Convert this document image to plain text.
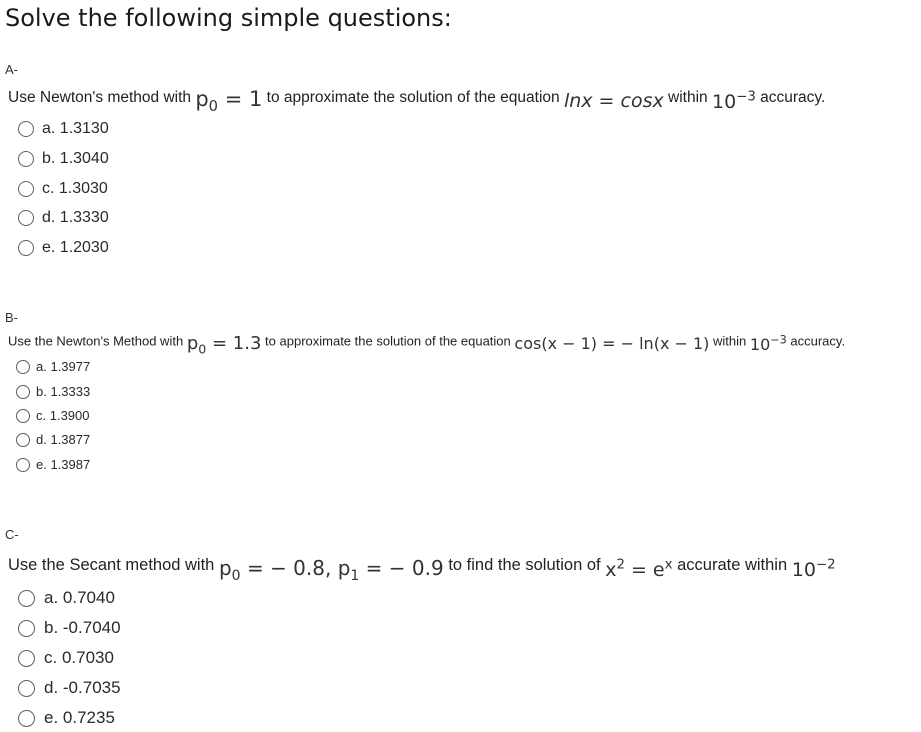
Solve the following simple questions:
A-
Use Newton's method with $p_0 = 1$ to approximate the solution of the equation lnx = cosx within $10^{-3}$ accuracy.
a. 1.3130
b. 1.3040
c. 1.3030
d. 1.3330
e. 1.2030
B-
Use the Newton's Method with $p_0 = 1.3$ to approximate the solution of the equation cos(x − 1) = − ln(x − 1) within $10^{-3}$ accuracy.
a. 1.3977
b. 1.3333
c. 1.3900
d. 1.3877
e. 1.3987
C-
Use the Secant method with $p_0$ = − 0.8, $p_1$ = − 0.9 to find the solution of $x^2 = e^x$ accurate within $10^{-2}$
a. 0.7040
b. -0.7040
c. 0.7030
d. -0.7035
e. 0.7235
